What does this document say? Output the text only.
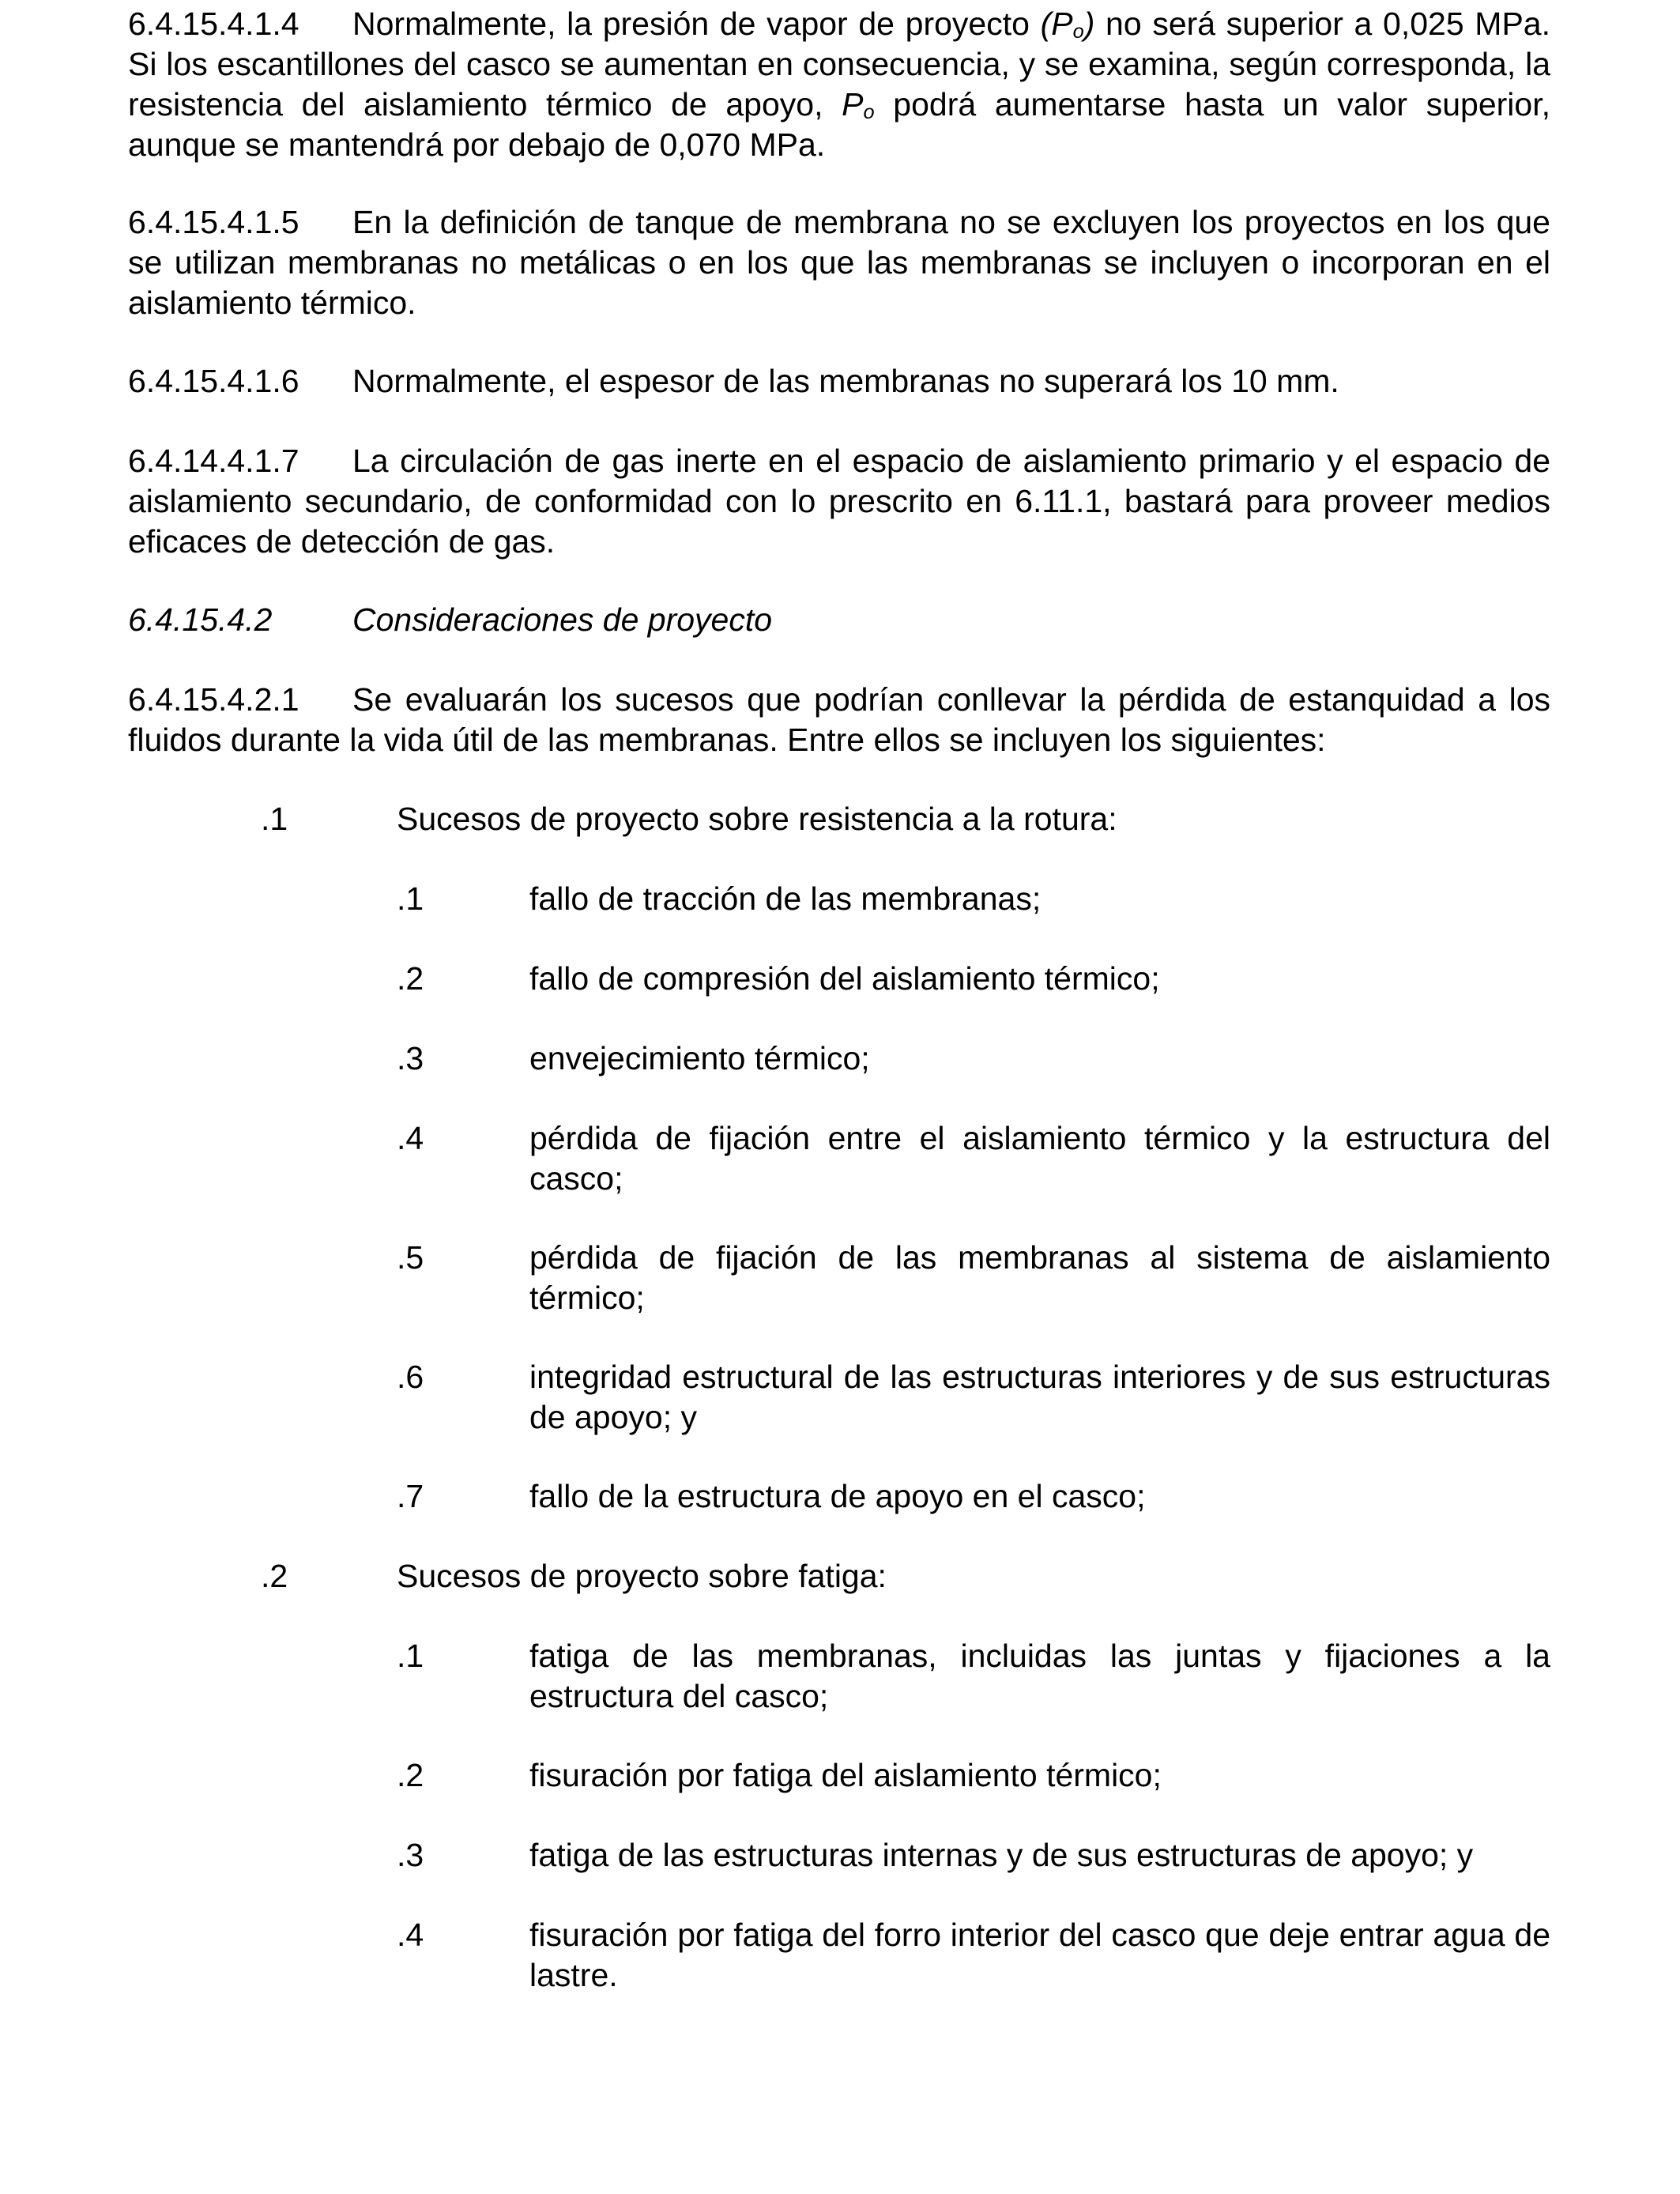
6.4.15.4.1.4 Normalmente, la presión de vapor de proyecto (Po) no será superior a 0,025 MPa. Si los escantillones del casco se aumentan en consecuencia, y se examina, según corresponda, la resistencia del aislamiento térmico de apoyo, Po podrá aumentarse hasta un valor superior, aunque se mantendrá por debajo de 0,070 MPa.
6.4.15.4.1.5 En la definición de tanque de membrana no se excluyen los proyectos en los que se utilizan membranas no metálicas o en los que las membranas se incluyen o incorporan en el aislamiento térmico.
6.4.15.4.1.6 Normalmente, el espesor de las membranas no superará los 10 mm.
6.4.14.4.1.7 La circulación de gas inerte en el espacio de aislamiento primario y el espacio de aislamiento secundario, de conformidad con lo prescrito en 6.11.1, bastará para proveer medios eficaces de detección de gas.
6.4.15.4.2 Consideraciones de proyecto
6.4.15.4.2.1 Se evaluarán los sucesos que podrían conllevar la pérdida de estanquidad a los fluidos durante la vida útil de las membranas. Entre ellos se incluyen los siguientes:
.1	Sucesos de proyecto sobre resistencia a la rotura:
.1	fallo de tracción de las membranas;
.2	fallo de compresión del aislamiento térmico;
.3	envejecimiento térmico;
.4	pérdida de fijación entre el aislamiento térmico y la estructura del casco;
.5	pérdida de fijación de las membranas al sistema de aislamiento térmico;
.6	integridad estructural de las estructuras interiores y de sus estructuras de apoyo; y
.7	fallo de la estructura de apoyo en el casco;
.2	Sucesos de proyecto sobre fatiga:
.1	fatiga de las membranas, incluidas las juntas y fijaciones a la estructura del casco;
.2	fisuración por fatiga del aislamiento térmico;
.3	fatiga de las estructuras internas y de sus estructuras de apoyo; y
.4	fisuración por fatiga del forro interior del casco que deje entrar agua de lastre.
